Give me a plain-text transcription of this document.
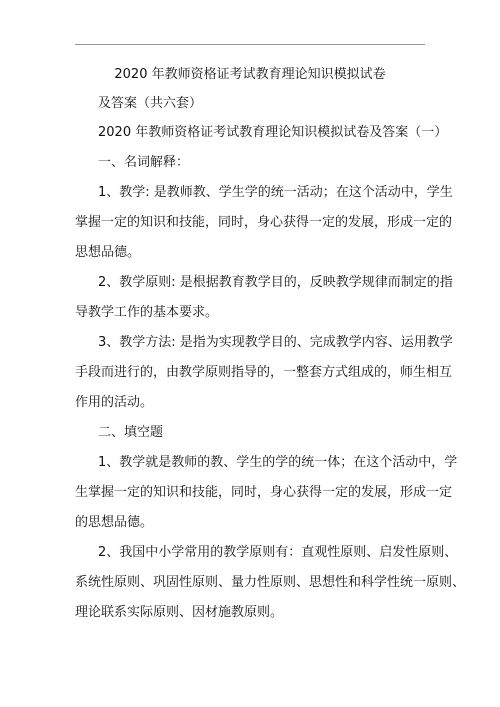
2020 年教师资格证考试教育理论知识模拟试卷
及答案（共六套）
2020 年教师资格证考试教育理论知识模拟试卷及答案（一）
一、名词解释：
1、教学: 是教师教、学生学的统一活动；在这个活动中，学生
掌握一定的知识和技能，同时，身心获得一定的发展，形成一定的
思想品德。
2、教学原则: 是根据教育教学目的，反映教学规律而制定的指
导教学工作的基本要求。
3、教学方法: 是指为实现教学目的、完成教学内容、运用教学
手段而进行的，由教学原则指导的，一整套方式组成的，师生相互
作用的活动。
二、填空题
1、教学就是教师的教、学生的学的统一体；在这个活动中，学
生掌握一定的知识和技能，同时，身心获得一定的发展，形成一定
的思想品德。
2、我国中小学常用的教学原则有：直观性原则、启发性原则、
系统性原则、巩固性原则、量力性原则、思想性和科学性统一原则、
理论联系实际原则、因材施教原则。
